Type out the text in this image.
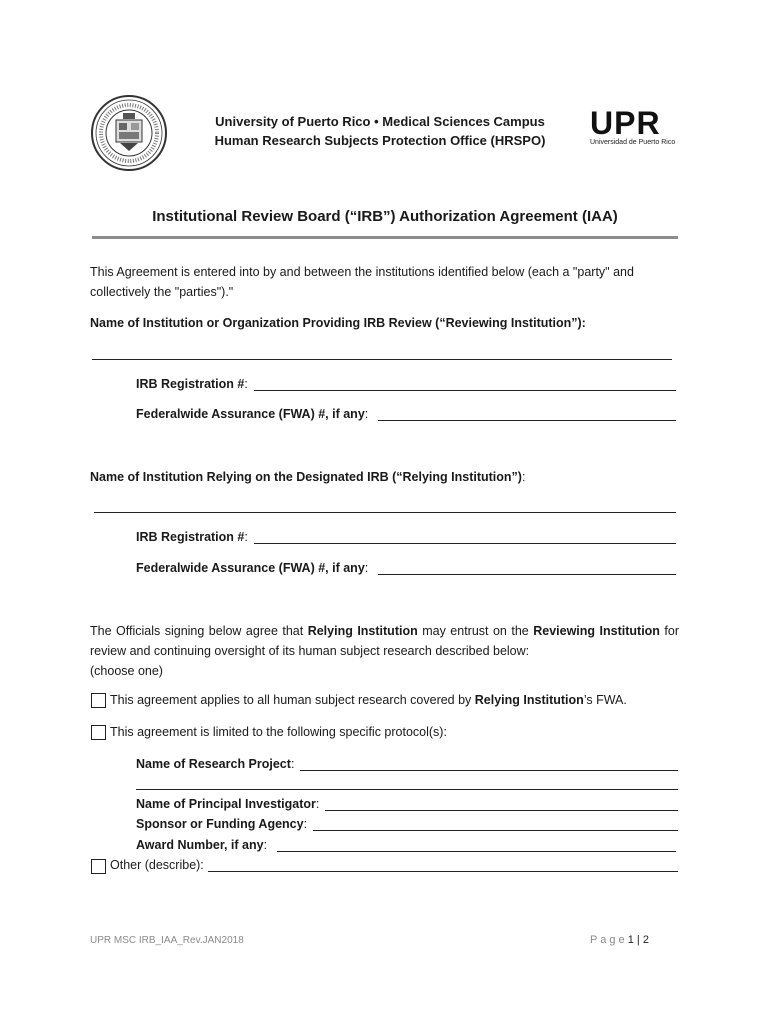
University of Puerto Rico • Medical Sciences Campus
Human Research Subjects Protection Office (HRSPO)	UPR
Universidad de Puerto Rico
Institutional Review Board (“IRB”) Authorization Agreement (IAA)
This Agreement is entered into by and between the institutions identified below (each a "party" and collectively the "parties")."
Name of Institution or Organization Providing IRB Review (“Reviewing Institution”):
IRB Registration # :
Federalwide Assurance (FWA) #, if any :
Name of Institution Relying on the Designated IRB (“Relying Institution”):
IRB Registration # :
Federalwide Assurance (FWA) #, if any :
The Officials signing below agree that Relying Institution may entrust on the Reviewing Institution for review and continuing oversight of its human subject research described below:
(choose one)
This agreement applies to all human subject research covered by Relying Institution’s FWA.
This agreement is limited to the following specific protocol(s):
Name of Research Project :
Name of Principal Investigator :
Sponsor or Funding Agency :
Award Number, if any :
Other (describe):
UPR MSC IRB_IAA_Rev.JAN2018	P a g e 1 | 2
